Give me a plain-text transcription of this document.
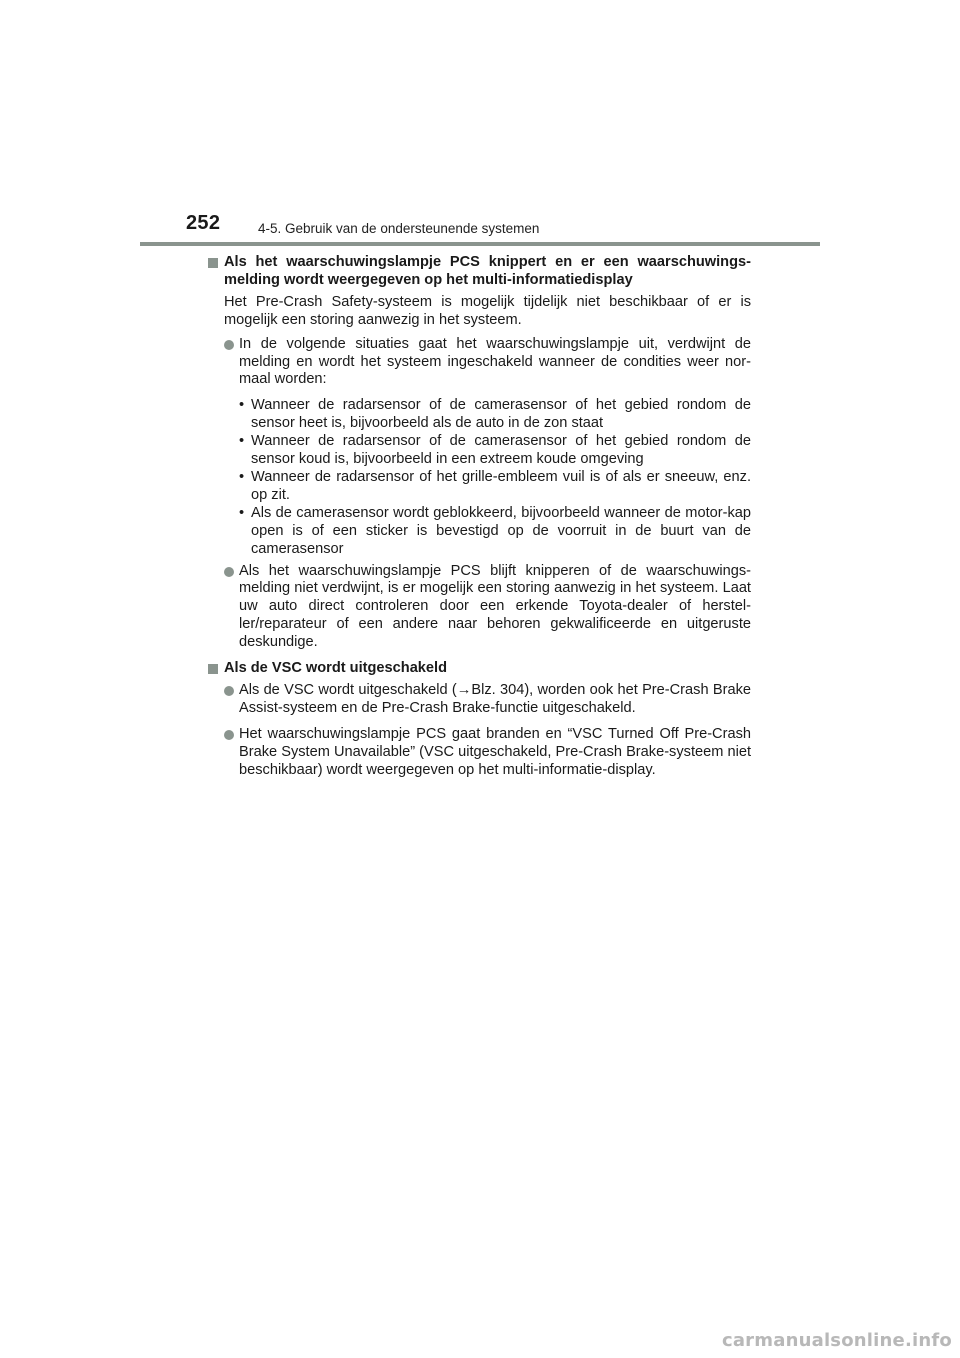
252	4-5. Gebruik van de ondersteunende systemen
Als het waarschuwingslampje PCS knippert en er een waarschuwings-melding wordt weergegeven op het multi-informatiedisplay
Het Pre-Crash Safety-systeem is mogelijk tijdelijk niet beschikbaar of er is mogelijk een storing aanwezig in het systeem.
In de volgende situaties gaat het waarschuwingslampje uit, verdwijnt de melding en wordt het systeem ingeschakeld wanneer de condities weer nor-maal worden:
• Wanneer de radarsensor of de camerasensor of het gebied rondom de sensor heet is, bijvoorbeeld als de auto in de zon staat
• Wanneer de radarsensor of de camerasensor of het gebied rondom de sensor koud is, bijvoorbeeld in een extreem koude omgeving
• Wanneer de radarsensor of het grille-embleem vuil is of als er sneeuw, enz. op zit.
• Als de camerasensor wordt geblokkeerd, bijvoorbeeld wanneer de motor-kap open is of een sticker is bevestigd op de voorruit in de buurt van de camerasensor
Als het waarschuwingslampje PCS blijft knipperen of de waarschuwings-melding niet verdwijnt, is er mogelijk een storing aanwezig in het systeem. Laat uw auto direct controleren door een erkende Toyota-dealer of herstel-ler/reparateur of een andere naar behoren gekwalificeerde en uitgeruste deskundige.
Als de VSC wordt uitgeschakeld
Als de VSC wordt uitgeschakeld (→Blz. 304), worden ook het Pre-Crash Brake Assist-systeem en de Pre-Crash Brake-functie uitgeschakeld.
Het waarschuwingslampje PCS gaat branden en “VSC Turned Off Pre-Crash Brake System Unavailable” (VSC uitgeschakeld, Pre-Crash Brake-systeem niet beschikbaar) wordt weergegeven op het multi-informatie-display.
carmanualsonline.info
